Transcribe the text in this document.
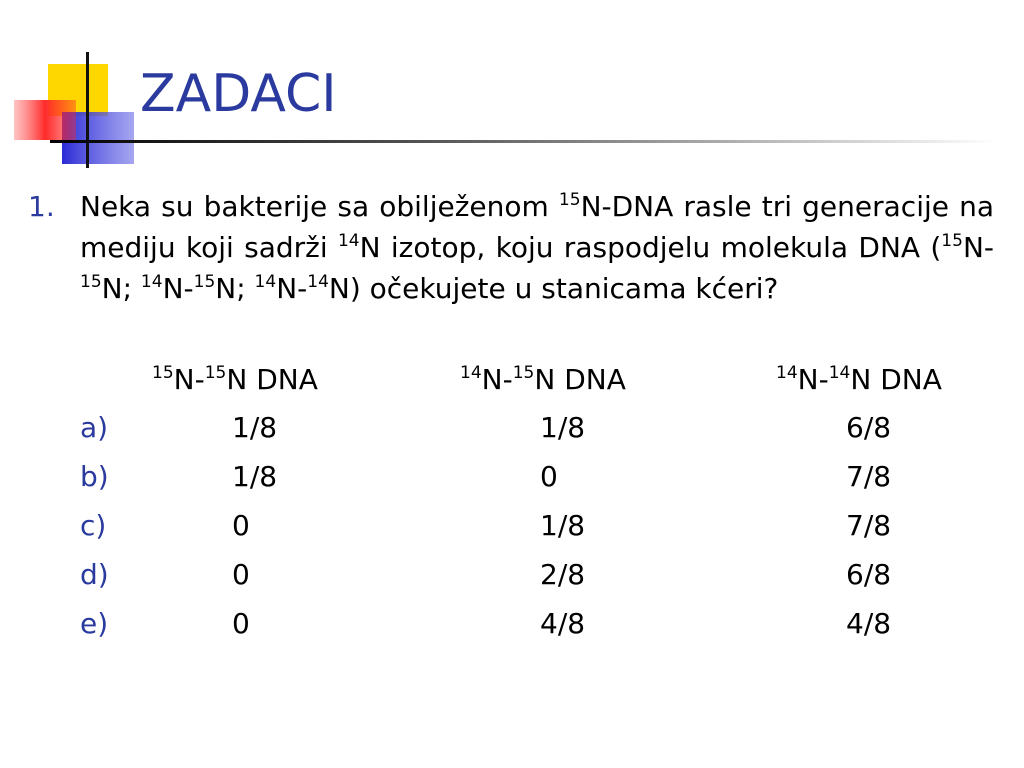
ZADACI
1. Neka su bakterije sa obilježenom $^{15}$N-DNA rasle tri generacije na mediju koji sadrži $^{14}$N izotop, koju raspodjelu molekula DNA ($^{15}$N-$^{15}$N; $^{14}$N-$^{15}$N; $^{14}$N-$^{14}$N) očekujete u stanicama kćeri?
$^{15}$N-$^{15}$N DNA	$^{14}$N-$^{15}$N DNA	$^{14}$N-$^{14}$N DNA
a)	1/8	1/8	6/8
b)	1/8	0	7/8
c)	0	1/8	7/8
d)	0	2/8	6/8
e)	0	4/8	4/8
